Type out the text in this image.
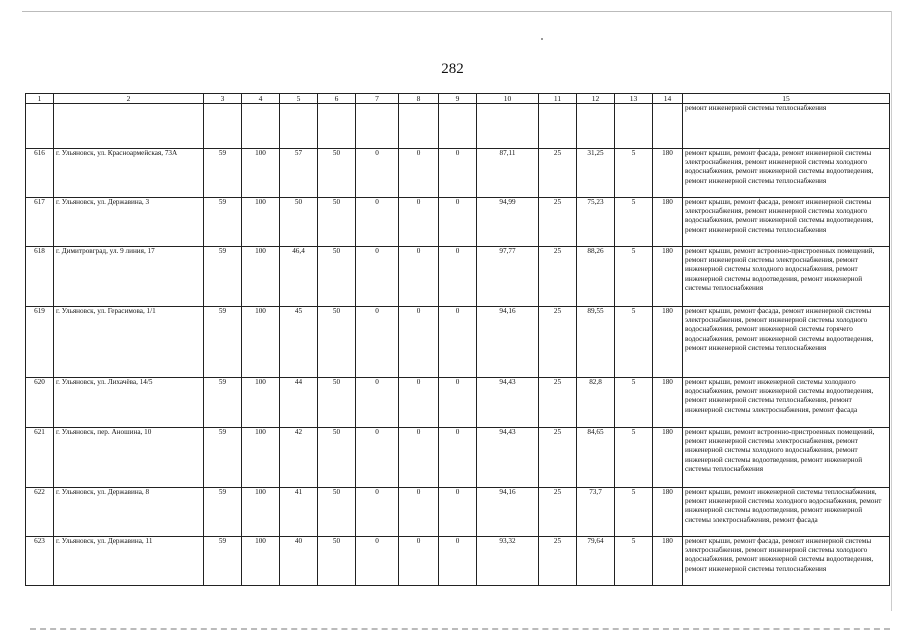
282
1	2	3	4	5	6	7	8	9	10	11	12	13	14	15
														ремонт инженерной системы теплоснабжения
616	г. Ульяновск, ул. Красноармейская, 73А	59	100	57	50	0	0	0	87,11	25	31,25	5	180	ремонт крыши, ремонт фасада, ремонт инженерной системы электроснабжения, ремонт инженерной системы холодного водоснабжения, ремонт инженерной системы водоотведения, ремонт инженерной системы теплоснабжения
617	г. Ульяновск, ул. Державина, 3	59	100	50	50	0	0	0	94,99	25	75,23	5	180	ремонт крыши, ремонт фасада, ремонт инженерной системы электроснабжения, ремонт инженерной системы холодного водоснабжения, ремонт инженерной системы водоотведения, ремонт инженерной системы теплоснабжения
618	г. Димитровград, ул. 9 линия, 17	59	100	46,4	50	0	0	0	97,77	25	88,26	5	180	ремонт крыши, ремонт встроенно-пристроенных помещений, ремонт инженерной системы электроснабжения, ремонт инженерной системы холодного водоснабжения, ремонт инженерной системы водоотведения, ремонт инженерной системы теплоснабжения
619	г. Ульяновск, ул. Герасимова, 1/1	59	100	45	50	0	0	0	94,16	25	89,55	5	180	ремонт крыши, ремонт фасада, ремонт инженерной системы электроснабжения, ремонт инженерной системы холодного водоснабжения, ремонт инженерной системы горячего водоснабжения, ремонт инженерной системы водоотведения, ремонт инженерной системы теплоснабжения
620	г. Ульяновск, ул. Лихачёва, 14/5	59	100	44	50	0	0	0	94,43	25	82,8	5	180	ремонт крыши, ремонт инженерной системы холодного водоснабжения, ремонт инженерной системы водоотведения, ремонт инженерной системы теплоснабжения, ремонт инженерной системы электроснабжения, ремонт фасада
621	г. Ульяновск, пер. Аношина, 10	59	100	42	50	0	0	0	94,43	25	84,65	5	180	ремонт крыши, ремонт встроенно-пристроенных помещений, ремонт инженерной системы электроснабжения, ремонт инженерной системы холодного водоснабжения, ремонт инженерной системы водоотведения, ремонт инженерной системы теплоснабжения
622	г. Ульяновск, ул. Державина, 8	59	100	41	50	0	0	0	94,16	25	73,7	5	180	ремонт крыши, ремонт инженерной системы теплоснабжения, ремонт инженерной системы холодного водоснабжения, ремонт инженерной системы водоотведения, ремонт инженерной системы электроснабжения, ремонт фасада
623	г. Ульяновск, ул. Державина, 11	59	100	40	50	0	0	0	93,32	25	79,64	5	180	ремонт крыши, ремонт фасада, ремонт инженерной системы электроснабжения, ремонт инженерной системы холодного водоснабжения, ремонт инженерной системы водоотведения, ремонт инженерной системы теплоснабжения
